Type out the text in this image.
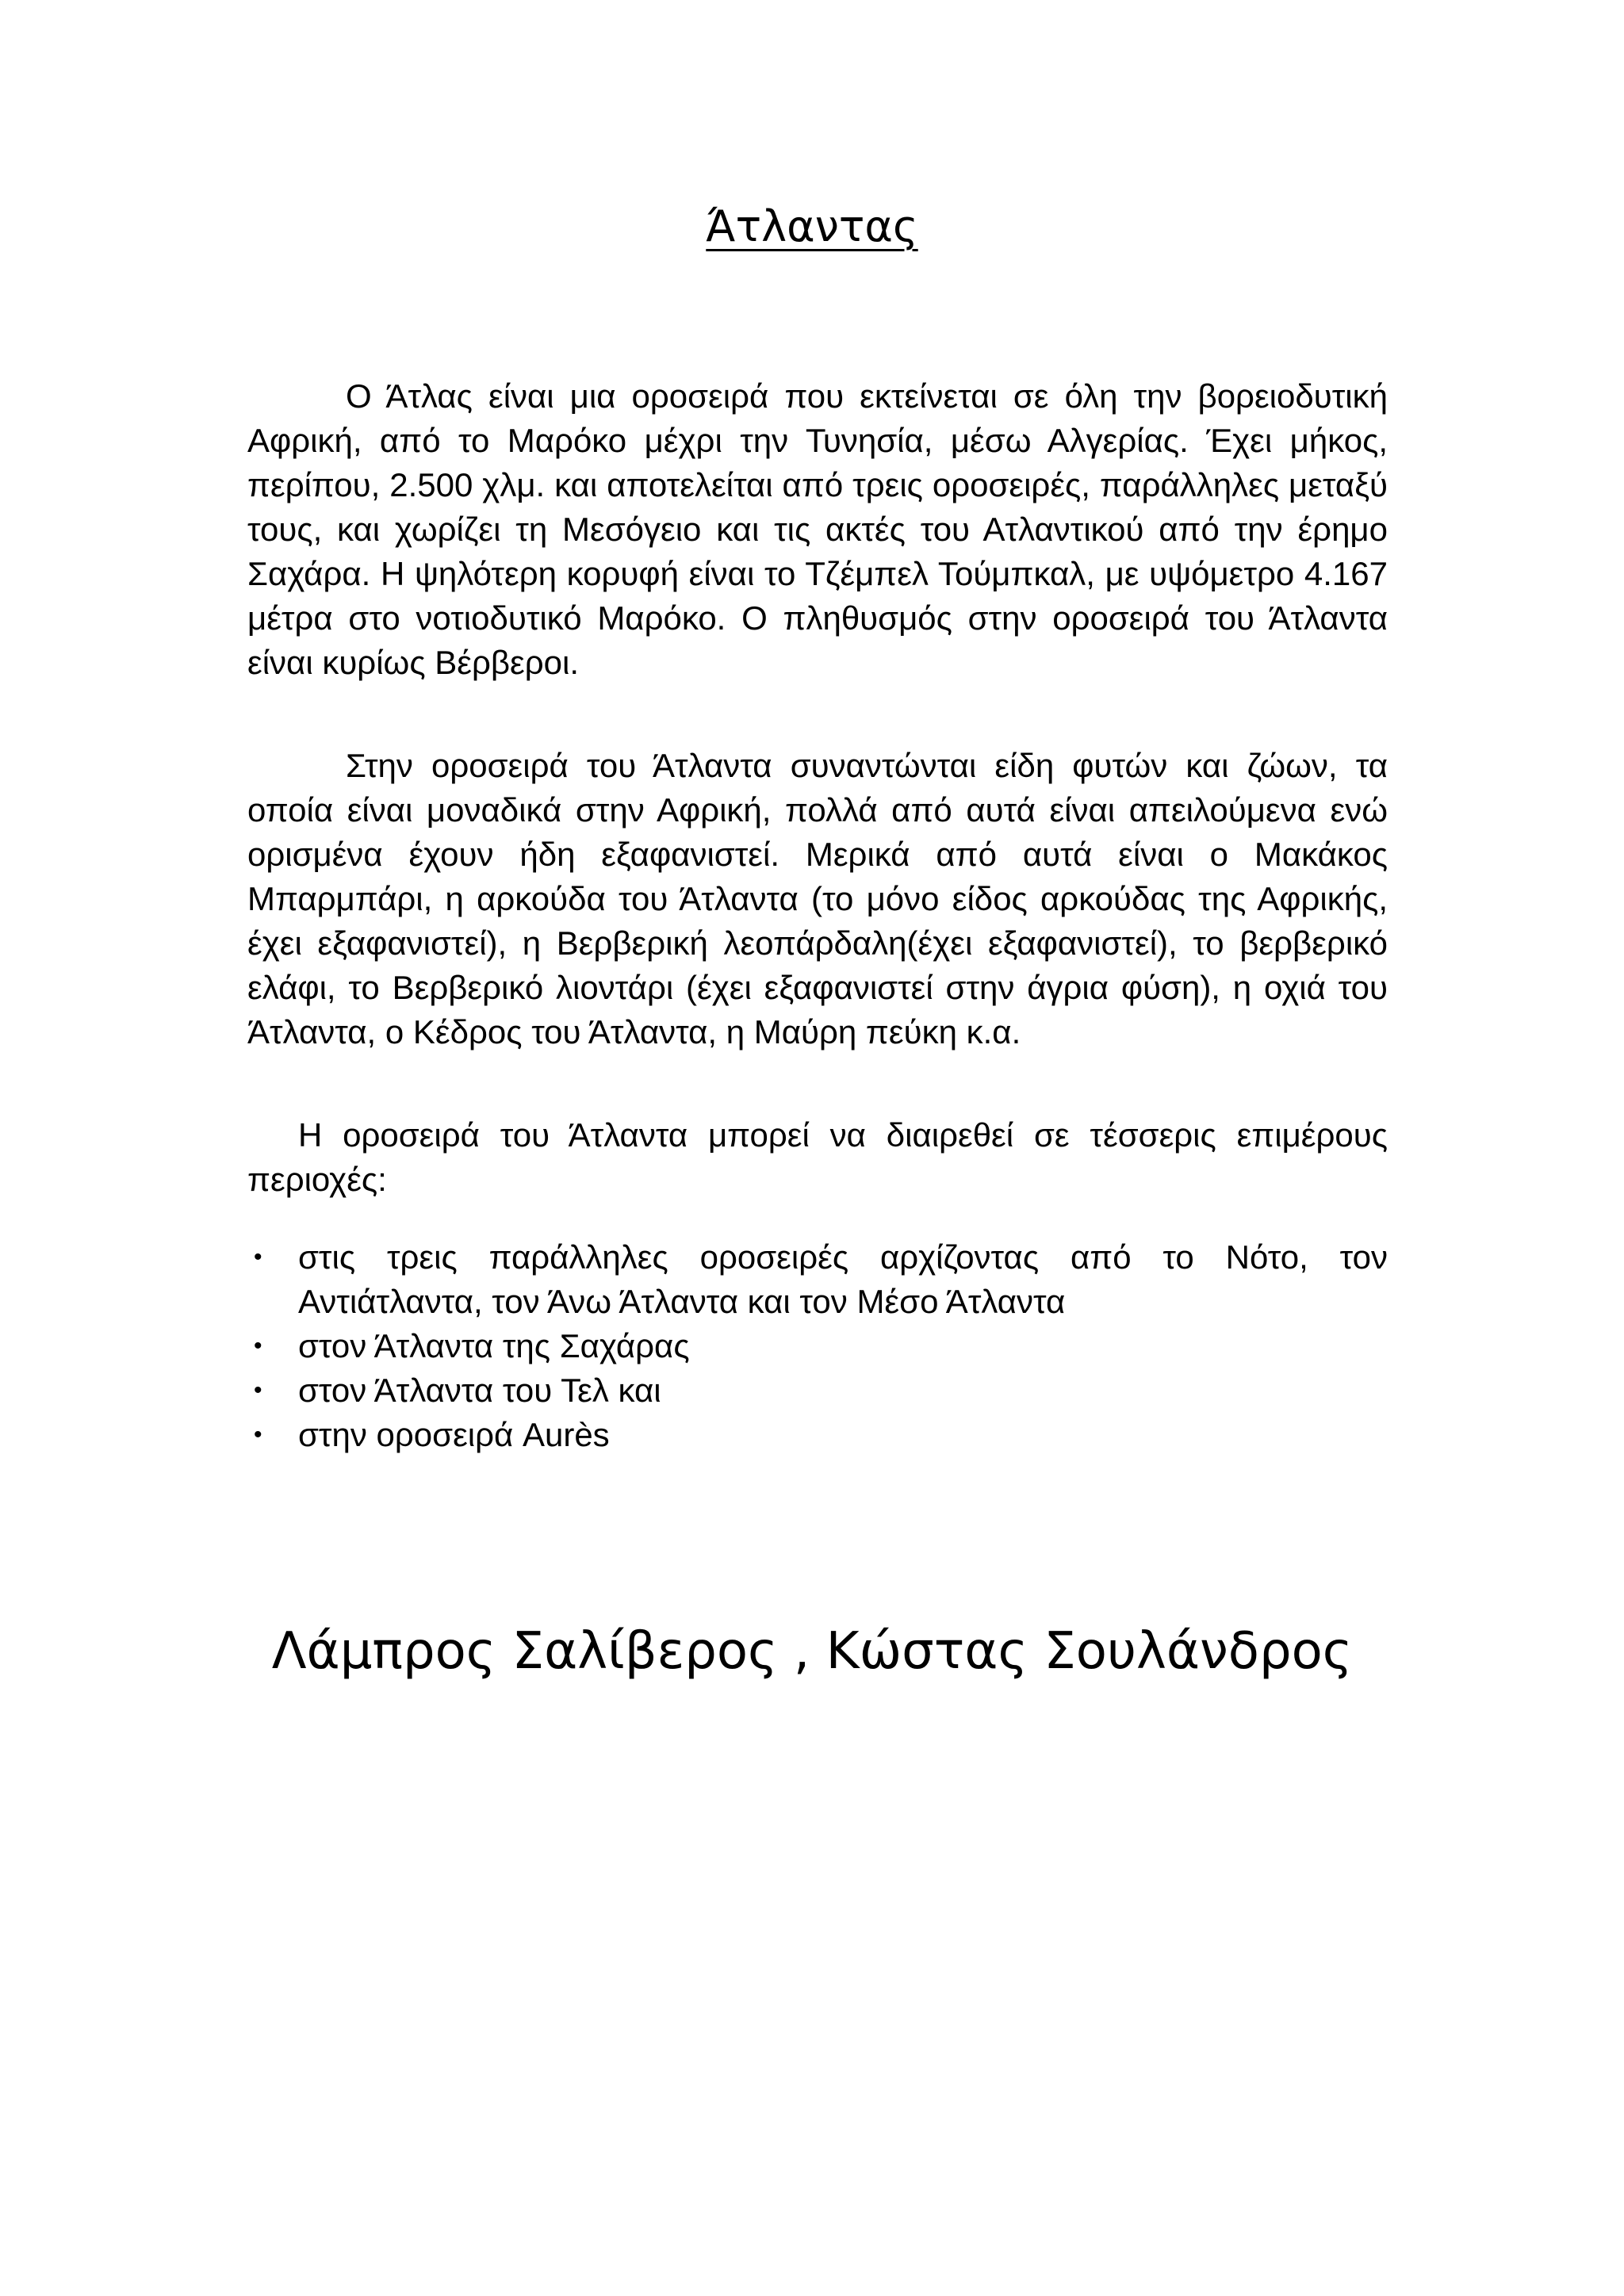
Άτλαντας

Ο Άτλας είναι μια οροσειρά που εκτείνεται σε όλη την βορειοδυτική Αφρική, από το Μαρόκο μέχρι την Τυνησία, μέσω Αλγερίας. Έχει μήκος, περίπου, 2.500 χλμ. και αποτελείται από τρεις οροσειρές, παράλληλες μεταξύ τους, και χωρίζει τη Μεσόγειο και τις ακτές του Ατλαντικού από την έρημο Σαχάρα. Η ψηλότερη κορυφή είναι το Τζέμπελ Τούμπκαλ, με υψόμετρο 4.167 μέτρα στο νοτιοδυτικό Μαρόκο. Ο πληθυσμός στην οροσειρά του Άτλαντα είναι κυρίως Βέρβεροι.

Στην οροσειρά του Άτλαντα συναντώνται είδη φυτών και ζώων, τα οποία είναι μοναδικά στην Αφρική, πολλά από αυτά είναι απειλούμενα ενώ ορισμένα έχουν ήδη εξαφανιστεί. Μερικά από αυτά είναι ο Μακάκος Μπαρμπάρι, η αρκούδα του Άτλαντα (το μόνο είδος αρκούδας της Αφρικής, έχει εξαφανιστεί), η Βερβερική λεοπάρδαλη(έχει εξαφανιστεί), το βερβερικό ελάφι, το Βερβερικό λιοντάρι (έχει εξαφανιστεί στην άγρια φύση), η οχιά του Άτλαντα, ο Κέδρος του Άτλαντα, η Μαύρη πεύκη κ.α.

Η οροσειρά του Άτλαντα μπορεί να διαιρεθεί σε τέσσερις επιμέρους περιοχές:

• στις τρεις παράλληλες οροσειρές αρχίζοντας από το Νότο, τον Αντιάτλαντα, τον Άνω Άτλαντα και τον Μέσο Άτλαντα
• στον Άτλαντα της Σαχάρας
• στον Άτλαντα του Τελ και
• στην οροσειρά Aurès

Λάμπρος Σαλίβερος , Κώστας Σουλάνδρος
